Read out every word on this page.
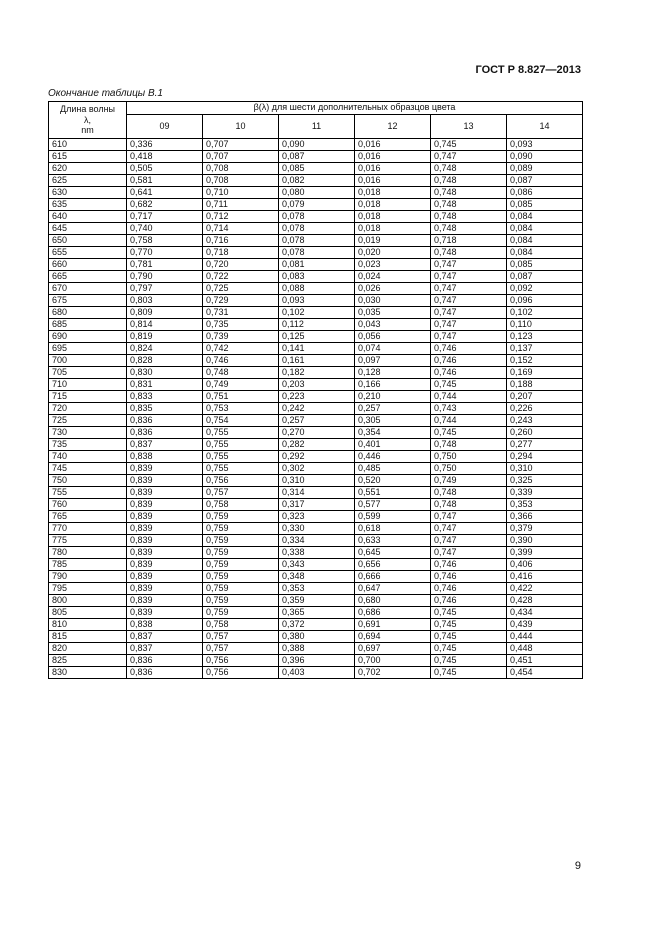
ГОСТ Р 8.827—2013
Окончание таблицы В.1
Длина волны
λ,
nm	β(λ) для шести дополнительных образцов цвета					
	09	10	11	12	13	14
610	0,336	0,707	0,090	0,016	0,745	0,093
615	0,418	0,707	0,087	0,016	0,747	0,090
620	0,505	0,708	0,085	0,016	0,748	0,089
625	0,581	0,708	0,082	0,016	0,748	0,087
630	0,641	0,710	0,080	0,018	0,748	0,086
635	0,682	0,711	0,079	0,018	0,748	0,085
640	0,717	0,712	0,078	0,018	0,748	0,084
645	0,740	0,714	0,078	0,018	0,748	0,084
650	0,758	0,716	0,078	0,019	0,718	0,084
655	0,770	0,718	0,078	0,020	0,748	0,084
660	0,781	0,720	0,081	0,023	0,747	0,085
665	0,790	0,722	0,083	0,024	0,747	0,087
670	0,797	0,725	0,088	0,026	0,747	0,092
675	0,803	0,729	0,093	0,030	0,747	0,096
680	0,809	0,731	0,102	0,035	0,747	0,102
685	0,814	0,735	0,112	0,043	0,747	0,110
690	0,819	0,739	0,125	0,056	0,747	0,123
695	0,824	0,742	0,141	0,074	0,746	0,137
700	0,828	0,746	0,161	0,097	0,746	0,152
705	0,830	0,748	0,182	0,128	0,746	0,169
710	0,831	0,749	0,203	0,166	0,745	0,188
715	0,833	0,751	0,223	0,210	0,744	0,207
720	0,835	0,753	0,242	0,257	0,743	0,226
725	0,836	0,754	0,257	0,305	0,744	0,243
730	0,836	0,755	0,270	0,354	0,745	0,260
735	0,837	0,755	0,282	0,401	0,748	0,277
740	0,838	0,755	0,292	0,446	0,750	0,294
745	0,839	0,755	0,302	0,485	0,750	0,310
750	0,839	0,756	0,310	0,520	0,749	0,325
755	0,839	0,757	0,314	0,551	0,748	0,339
760	0,839	0,758	0,317	0,577	0,748	0,353
765	0,839	0,759	0,323	0,599	0,747	0,366
770	0,839	0,759	0,330	0,618	0,747	0,379
775	0,839	0,759	0,334	0,633	0,747	0,390
780	0,839	0,759	0,338	0,645	0,747	0,399
785	0,839	0,759	0,343	0,656	0,746	0,406
790	0,839	0,759	0,348	0,666	0,746	0,416
795	0,839	0,759	0,353	0,647	0,746	0,422
800	0,839	0,759	0,359	0,680	0,746	0,428
805	0,839	0,759	0,365	0,686	0,745	0,434
810	0,838	0,758	0,372	0,691	0,745	0,439
815	0,837	0,757	0,380	0,694	0,745	0,444
820	0,837	0,757	0,388	0,697	0,745	0,448
825	0,836	0,756	0,396	0,700	0,745	0,451
830	0,836	0,756	0,403	0,702	0,745	0,454
9
